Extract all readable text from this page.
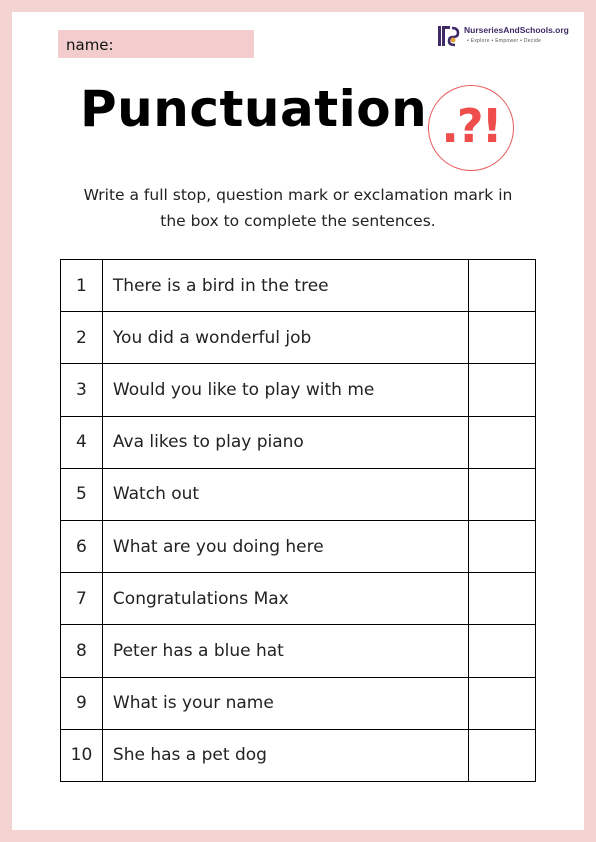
name:
NurseriesAndSchools.org
• Explore • Empower • Decide
Punctuation .?!
Write a full stop, question mark or exclamation mark in
the box to complete the sentences.
1	There is a bird in the tree	
2	You did a wonderful job	
3	Would you like to play with me	
4	Ava likes to play piano	
5	Watch out	
6	What are you doing here	
7	Congratulations Max	
8	Peter has a blue hat	
9	What is your name	
10	She has a pet dog	
